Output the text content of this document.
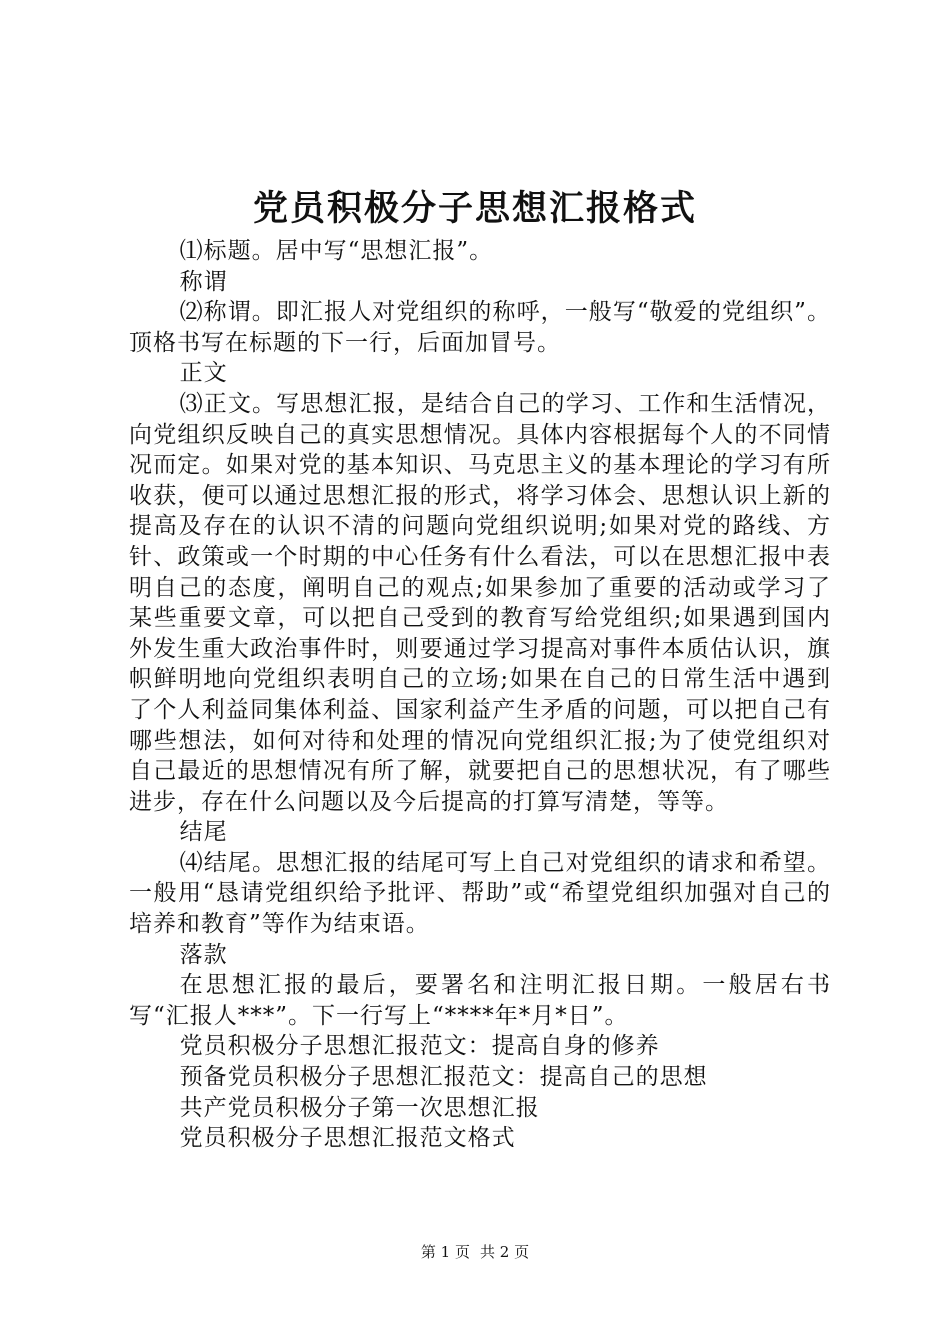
党员积极分子思想汇报格式

⑴标题。居中写“思想汇报”。

称谓

⑵称谓。即汇报人对党组织的称呼，一般写“敬爱的党组织”。顶格书写在标题的下一行，后面加冒号。

正文

⑶正文。写思想汇报，是结合自己的学习、工作和生活情况，向党组织反映自己的真实思想情况。具体内容根据每个人的不同情况而定。如果对党的基本知识、马克思主义的基本理论的学习有所收获，便可以通过思想汇报的形式，将学习体会、思想认识上新的提高及存在的认识不清的问题向党组织说明;如果对党的路线、方针、政策或一个时期的中心任务有什么看法，可以在思想汇报中表明自己的态度，阐明自己的观点;如果参加了重要的活动或学习了某些重要文章，可以把自己受到的教育写给党组织;如果遇到国内外发生重大政治事件时，则要通过学习提高对事件本质估认识，旗帜鲜明地向党组织表明自己的立场;如果在自己的日常生活中遇到了个人利益同集体利益、国家利益产生矛盾的问题，可以把自己有哪些想法，如何对待和处理的情况向党组织汇报;为了使党组织对自己最近的思想情况有所了解，就要把自己的思想状况，有了哪些进步，存在什么问题以及今后提高的打算写清楚，等等。

结尾

⑷结尾。思想汇报的结尾可写上自己对党组织的请求和希望。一般用“恳请党组织给予批评、帮助”或“希望党组织加强对自己的培养和教育”等作为结束语。

落款

在思想汇报的最后，要署名和注明汇报日期。一般居右书写“汇报人***”。下一行写上“****年*月*日”。

党员积极分子思想汇报范文：提高自身的修养

预备党员积极分子思想汇报范文：提高自己的思想

共产党员积极分子第一次思想汇报

党员积极分子思想汇报范文格式

第 1 页 共 2 页
